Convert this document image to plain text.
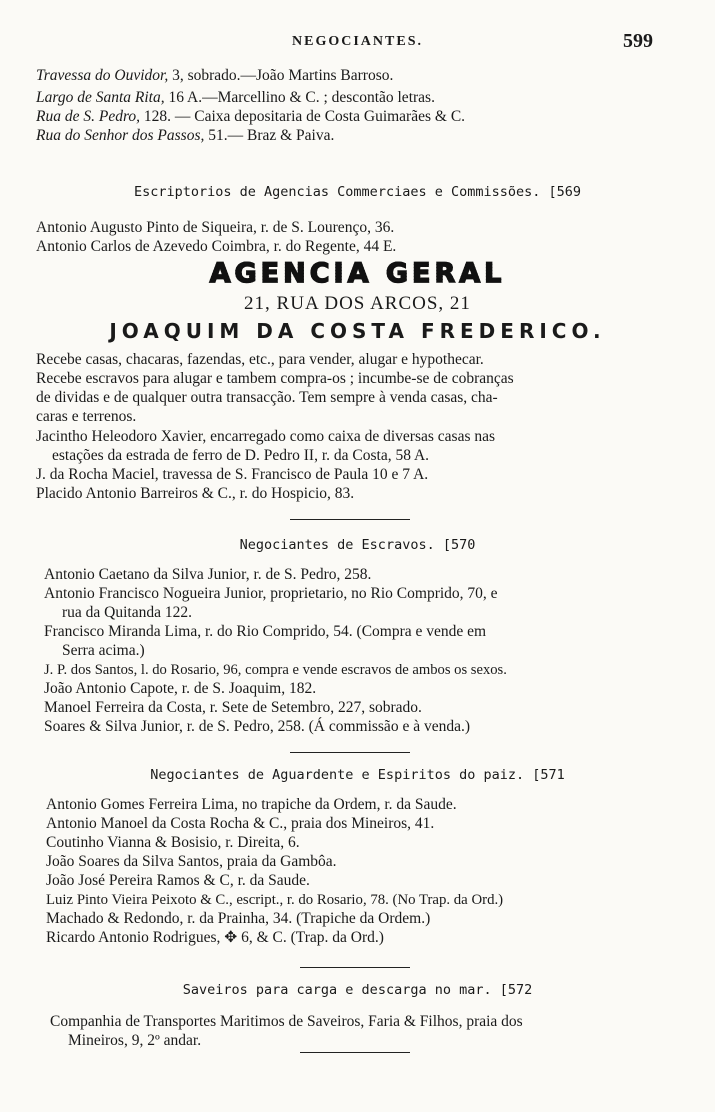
NEGOCIANTES.	599
Travessa do Ouvidor, 3, sobrado.—João Martins Barroso.
Largo de Santa Rita, 16 A.—Marcellino & C. ; descontão letras.
Rua de S. Pedro, 128. — Caixa depositaria de Costa Guimarães & C.
Rua do Senhor dos Passos, 51.— Braz & Paiva.
Escriptorios de Agencias Commerciaes e Commissões. [569
Antonio Augusto Pinto de Siqueira, r. de S. Lourenço, 36.
Antonio Carlos de Azevedo Coimbra, r. do Regente, 44 E.
AGENCIA GERAL
21, RUA DOS ARCOS, 21
JOAQUIM DA COSTA FREDERICO.
Recebe casas, chacaras, fazendas, etc., para vender, alugar e hypothecar.
Recebe escravos para alugar e tambem compra-os ; incumbe-se de cobranças
de dividas e de qualquer outra transacção. Tem sempre à venda casas, cha-
caras e terrenos.
Jacintho Heleodoro Xavier, encarregado como caixa de diversas casas nas
estações da estrada de ferro de D. Pedro II, r. da Costa, 58 A.
J. da Rocha Maciel, travessa de S. Francisco de Paula 10 e 7 A.
Placido Antonio Barreiros & C., r. do Hospicio, 83.
Negociantes de Escravos. [570
Antonio Caetano da Silva Junior, r. de S. Pedro, 258.
Antonio Francisco Nogueira Junior, proprietario, no Rio Comprido, 70, e
rua da Quitanda 122.
Francisco Miranda Lima, r. do Rio Comprido, 54. (Compra e vende em
Serra acima.)
J. P. dos Santos, l. do Rosario, 96, compra e vende escravos de ambos os sexos.
João Antonio Capote, r. de S. Joaquim, 182.
Manoel Ferreira da Costa, r. Sete de Setembro, 227, sobrado.
Soares & Silva Junior, r. de S. Pedro, 258. (Á commissão e à venda.)
Negociantes de Aguardente e Espiritos do paiz. [571
Antonio Gomes Ferreira Lima, no trapiche da Ordem, r. da Saude.
Antonio Manoel da Costa Rocha & C., praia dos Mineiros, 41.
Coutinho Vianna & Bosisio, r. Direita, 6.
João Soares da Silva Santos, praia da Gambôa.
João José Pereira Ramos & C, r. da Saude.
Luiz Pinto Vieira Peixoto & C., escript., r. do Rosario, 78. (No Trap. da Ord.)
Machado & Redondo, r. da Prainha, 34. (Trapiche da Ordem.)
Ricardo Antonio Rodrigues, ✥ 6, & C. (Trap. da Ord.)
Saveiros para carga e descarga no mar. [572
Companhia de Transportes Maritimos de Saveiros, Faria & Filhos, praia dos
Mineiros, 9, 2º andar.
